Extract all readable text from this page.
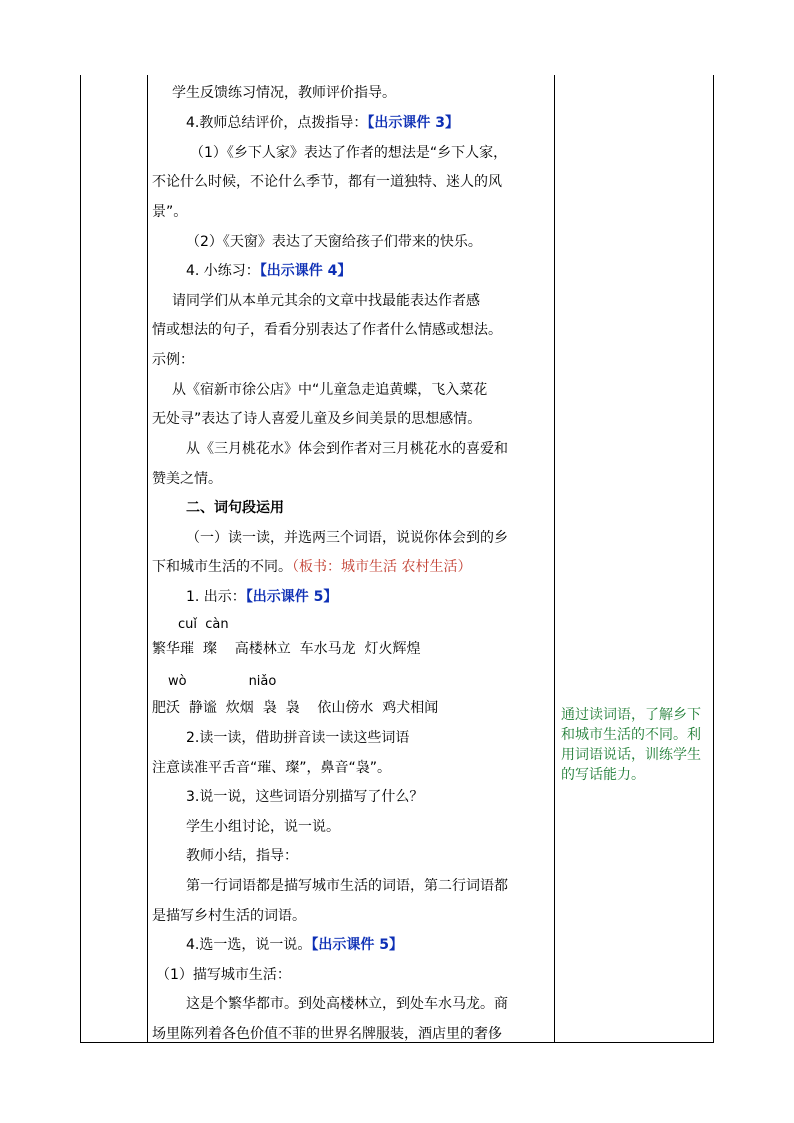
学生反馈练习情况，教师评价指导。
4.教师总结评价，点拨指导：【出示课件 3】
（1）《乡下人家》表达了作者的想法是“乡下人家，
不论什么时候，不论什么季节，都有一道独特、迷人的风
景”。
（2）《天窗》表达了天窗给孩子们带来的快乐。
4. 小练习：【出示课件 4】
请同学们从本单元其余的文章中找最能表达作者感
情或想法的句子，看看分别表达了作者什么情感或想法。
示例：
从《宿新市徐公店》中“儿童急走追黄蝶，飞入菜花
无处寻”表达了诗人喜爱儿童及乡间美景的思想感情。
从《三月桃花水》体会到作者对三月桃花水的喜爱和
赞美之情。
二、词句段运用
（一）读一读，并选两三个词语，说说你体会到的乡
下和城市生活的不同。（板书：城市生活 农村生活）
1. 出示：【出示课件 5】
cuǐ  càn
繁华璀  璨    高楼林立  车水马龙  灯火辉煌
wò               niǎo
肥沃  静谧  炊烟  袅  袅    依山傍水  鸡犬相闻
2.读一读，借助拼音读一读这些词语
注意读准平舌音“璀、璨”，鼻音“袅”。
3.说一说，这些词语分别描写了什么？
学生小组讨论，说一说。
教师小结，指导：
第一行词语都是描写城市生活的词语，第二行词语都
是描写乡村生活的词语。
4.选一选，说一说。【出示课件 5】
（1）描写城市生活：
这是个繁华都市。到处高楼林立，到处车水马龙。商
场里陈列着各色价值不菲的世界名牌服装，酒店里的奢侈
通过读词语，了解乡下
和城市生活的不同。利
用词语说话，训练学生
的写话能力。
